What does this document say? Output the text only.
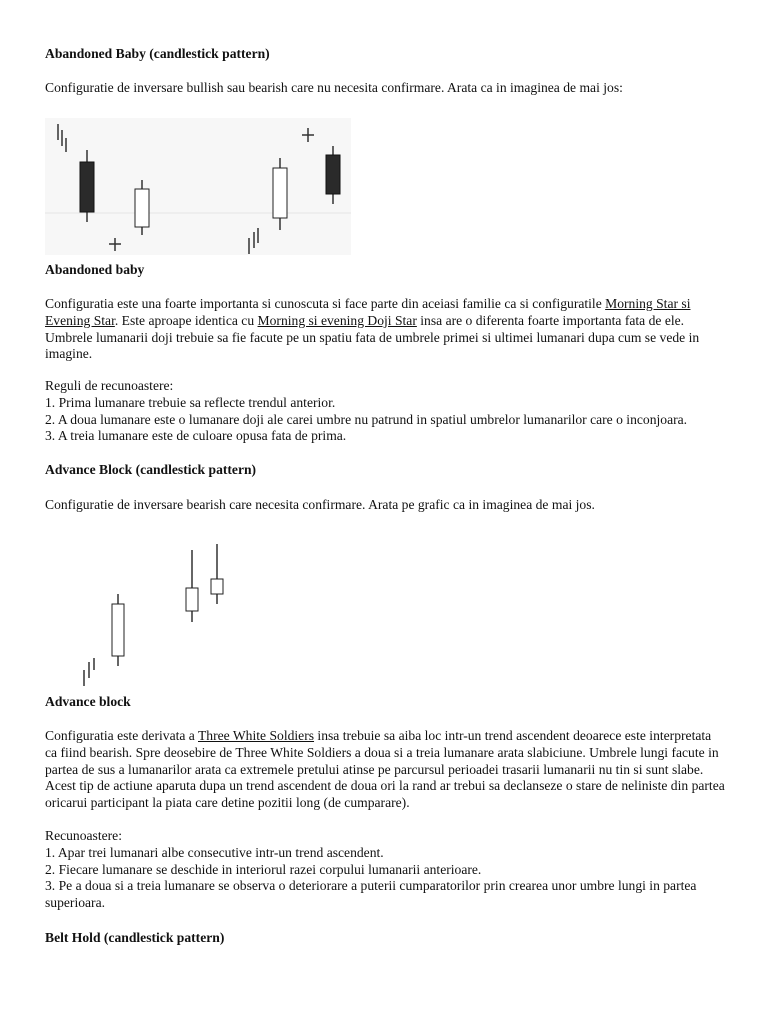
Abandoned Baby (candlestick pattern)
Configuratie de inversare bullish sau bearish care nu necesita confirmare. Arata ca in imaginea de mai jos:
Abandoned baby

Configuratia este una foarte importanta si cunoscuta si face parte din aceiasi familie ca si configuratile Morning Star si Evening Star. Este aproape identica cu Morning si evening Doji Star insa are o diferenta foarte importanta fata de ele. Umbrele lumanarii doji trebuie sa fie facute pe un spatiu fata de umbrele primei si ultimei lumanari dupa cum se vede in imagine.

Reguli de recunoastere:
1. Prima lumanare trebuie sa reflecte trendul anterior.
2. A doua lumanare este o lumanare doji ale carei umbre nu patrund in spatiul umbrelor lumanarilor care o inconjoara.
3. A treia lumanare este de culoare opusa fata de prima.
Advance Block (candlestick pattern)
Configuratie de inversare bearish care necesita confirmare. Arata pe grafic ca in imaginea de mai jos.
Advance block

Configuratia este derivata a Three White Soldiers insa trebuie sa aiba loc intr-un trend ascendent deoarece este interpretata ca fiind bearish. Spre deosebire de Three White Soldiers a doua si a treia lumanare arata slabiciune. Umbrele lungi facute in partea de sus a lumanarilor arata ca extremele pretului atinse pe parcursul perioadei trasarii lumanarii nu tin si sunt slabe. Acest tip de actiune aparuta dupa un trend ascendent de doua ori la rand ar trebui sa declanseze o stare de neliniste din partea oricarui participant la piata care detine pozitii long (de cumparare).

Recunoastere:
1. Apar trei lumanari albe consecutive intr-un trend ascendent.
2. Fiecare lumanare se deschide in interiorul razei corpului lumanarii anterioare.
3. Pe a doua si a treia lumanare se observa o deteriorare a puterii cumparatorilor prin crearea unor umbre lungi in partea superioara.
Belt Hold (candlestick pattern)
